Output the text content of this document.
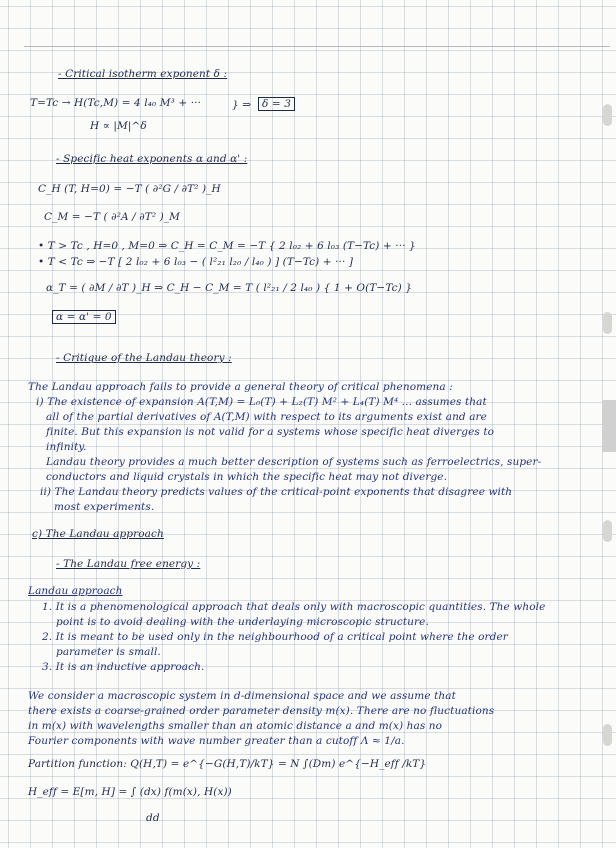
- Critical isotherm exponent δ :
T=Tc → H(Tc,M) = 4 l₄₀ M³ + ···	} ⇒	δ = 3
H ∝ |M|^δ
- Specific heat exponents α and α' :
C_H (T, H=0) = −T ( ∂²G / ∂T² )_H
C_M = −T ( ∂²A / ∂T² )_M
• T > Tc , H=0 , M=0 ⇒ C_H = C_M = −T { 2 l₀₂ + 6 l₀₃ (T−Tc) + ··· }
• T < Tc ⇒ −T [ 2 l₀₂ + 6 l₀₃ − ( l²₂₁ l₂₀ / l₄₀ ) ] (T−Tc) + ··· ]
α_T = ( ∂M / ∂T )_H ⇒ C_H − C_M = T ( l²₂₁ / 2 l₄₀ ) { 1 + O(T−Tc) }
α = α' = 0
- Critique of the Landau theory :
The Landau approach fails to provide a general theory of critical phenomena :
i) The existence of expansion A(T,M) = L₀(T) + L₂(T) M² + L₄(T) M⁴ ... assumes that
all of the partial derivatives of A(T,M) with respect to its arguments exist and are
finite. But this expansion is not valid for a systems whose specific heat diverges to
infinity.
Landau theory provides a much better description of systems such as ferroelectrics, super-
conductors and liquid crystals in which the specific heat may not diverge.
ii) The Landau theory predicts values of the critical-point exponents that disagree with
most experiments.
c) The Landau approach
- The Landau free energy :
Landau approach
1. It is a phenomenological approach that deals only with macroscopic quantities. The whole
point is to avoid dealing with the underlaying microscopic structure.
2. It is meant to be used only in the neighbourhood of a critical point where the order
parameter is small.
3. It is an inductive approach.
We consider a macroscopic system in d-dimensional space and we assume that
there exists a coarse-grained order parameter density m(x). There are no fluctuations
in m(x) with wavelengths smaller than an atomic distance a and m(x) has no
Fourier components with wave number greater than a cutoff Λ ≈ 1/a.
Partition function: Q(H,T) = e^{−G(H,T)/kT} = N ∫(Dm) e^{−H_eff /kT}
H_eff = E[m, H] = ∫ (dx) f(m(x), H(x))
dd
